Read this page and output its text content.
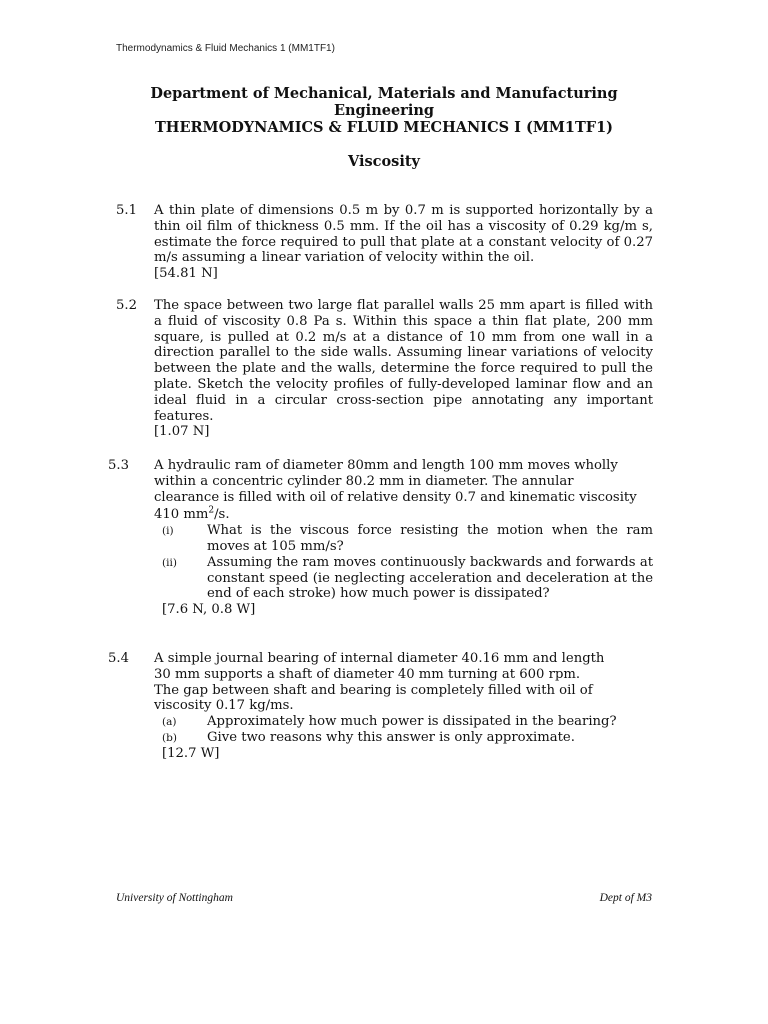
Thermodynamics & Fluid Mechanics 1 (MM1TF1)
Department of Mechanical, Materials and Manufacturing
Engineering
THERMODYNAMICS & FLUID MECHANICS I (MM1TF1)
Viscosity
5.1 A thin plate of dimensions 0.5 m by 0.7 m is supported horizontally by a thin oil film of thickness 0.5 mm. If the oil has a viscosity of 0.29 kg/m s, estimate the force required to pull that plate at a constant velocity of 0.27 m/s assuming a linear variation of velocity within the oil.
[54.81 N]
5.2 The space between two large flat parallel walls 25 mm apart is filled with a fluid of viscosity 0.8 Pa s. Within this space a thin flat plate, 200 mm square, is pulled at 0.2 m/s at a distance of 10 mm from one wall in a direction parallel to the side walls. Assuming linear variations of velocity between the plate and the walls, determine the force required to pull the plate. Sketch the velocity profiles of fully-developed laminar flow and an ideal fluid in a circular cross-section pipe annotating any important features.
[1.07 N]
5.3 A hydraulic ram of diameter 80mm and length 100 mm moves wholly
within a concentric cylinder 80.2 mm in diameter. The annular
clearance is filled with oil of relative density 0.7 and kinematic viscosity
410 $mm^2/s$.
(i)	What is the viscous force resisting the motion when the ram moves at 105 mm/s?
(ii) Assuming the ram moves continuously backwards and forwards at constant speed (ie neglecting acceleration and deceleration at the end of each stroke) how much power is dissipated?
[7.6 N, 0.8 W]
5.4 A simple journal bearing of internal diameter 40.16 mm and length
30 mm supports a shaft of diameter 40 mm turning at 600 rpm.
The gap between shaft and bearing is completely filled with oil of
viscosity 0.17 kg/ms.
(a) Approximately how much power is dissipated in the bearing?
(b) Give two reasons why this answer is only approximate.
[12.7 W]
University of Nottingham	Dept of M3
